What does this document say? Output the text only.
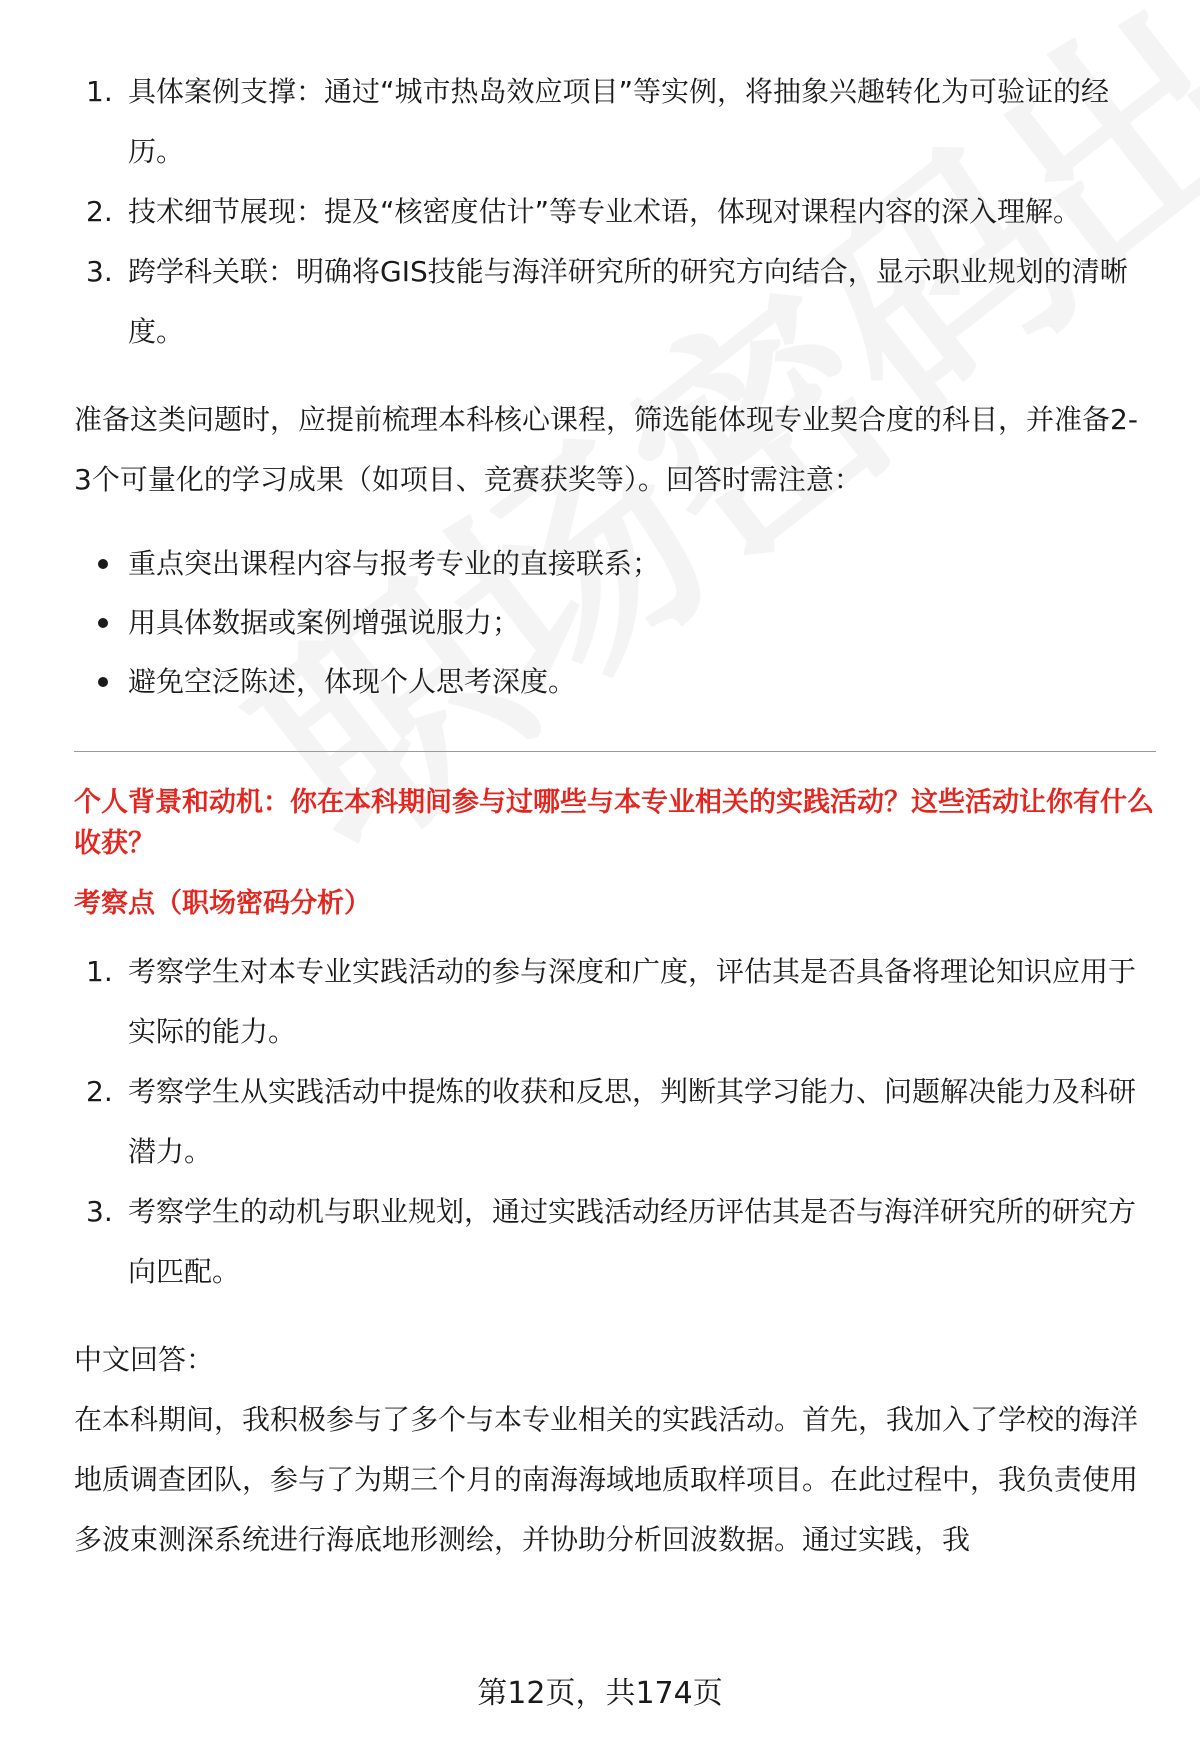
1. 具体案例支撑：通过“城市热岛效应项目”等实例，将抽象兴趣转化为可验证的经历。
2. 技术细节展现：提及“核密度估计”等专业术语，体现对课程内容的深入理解。
3. 跨学科关联：明确将GIS技能与海洋研究所的研究方向结合，显示职业规划的清晰度。

准备这类问题时，应提前梳理本科核心课程，筛选能体现专业契合度的科目，并准备2-3个可量化的学习成果（如项目、竞赛获奖等）。回答时需注意：

重点突出课程内容与报考专业的直接联系；
用具体数据或案例增强说服力；
避免空泛陈述，体现个人思考深度。

个人背景和动机：你在本科期间参与过哪些与本专业相关的实践活动？这些活动让你有什么收获？

考察点（职场密码分析）

1. 考察学生对本专业实践活动的参与深度和广度，评估其是否具备将理论知识应用于实际的能力。
2. 考察学生从实践活动中提炼的收获和反思，判断其学习能力、问题解决能力及科研潜力。
3. 考察学生的动机与职业规划，通过实践活动经历评估其是否与海洋研究所的研究方向匹配。

中文回答：

在本科期间，我积极参与了多个与本专业相关的实践活动。首先，我加入了学校的海洋地质调查团队，参与了为期三个月的南海海域地质取样项目。在此过程中，我负责使用多波束测深系统进行海底地形测绘，并协助分析回波数据。通过实践，我

第12页，共174页
